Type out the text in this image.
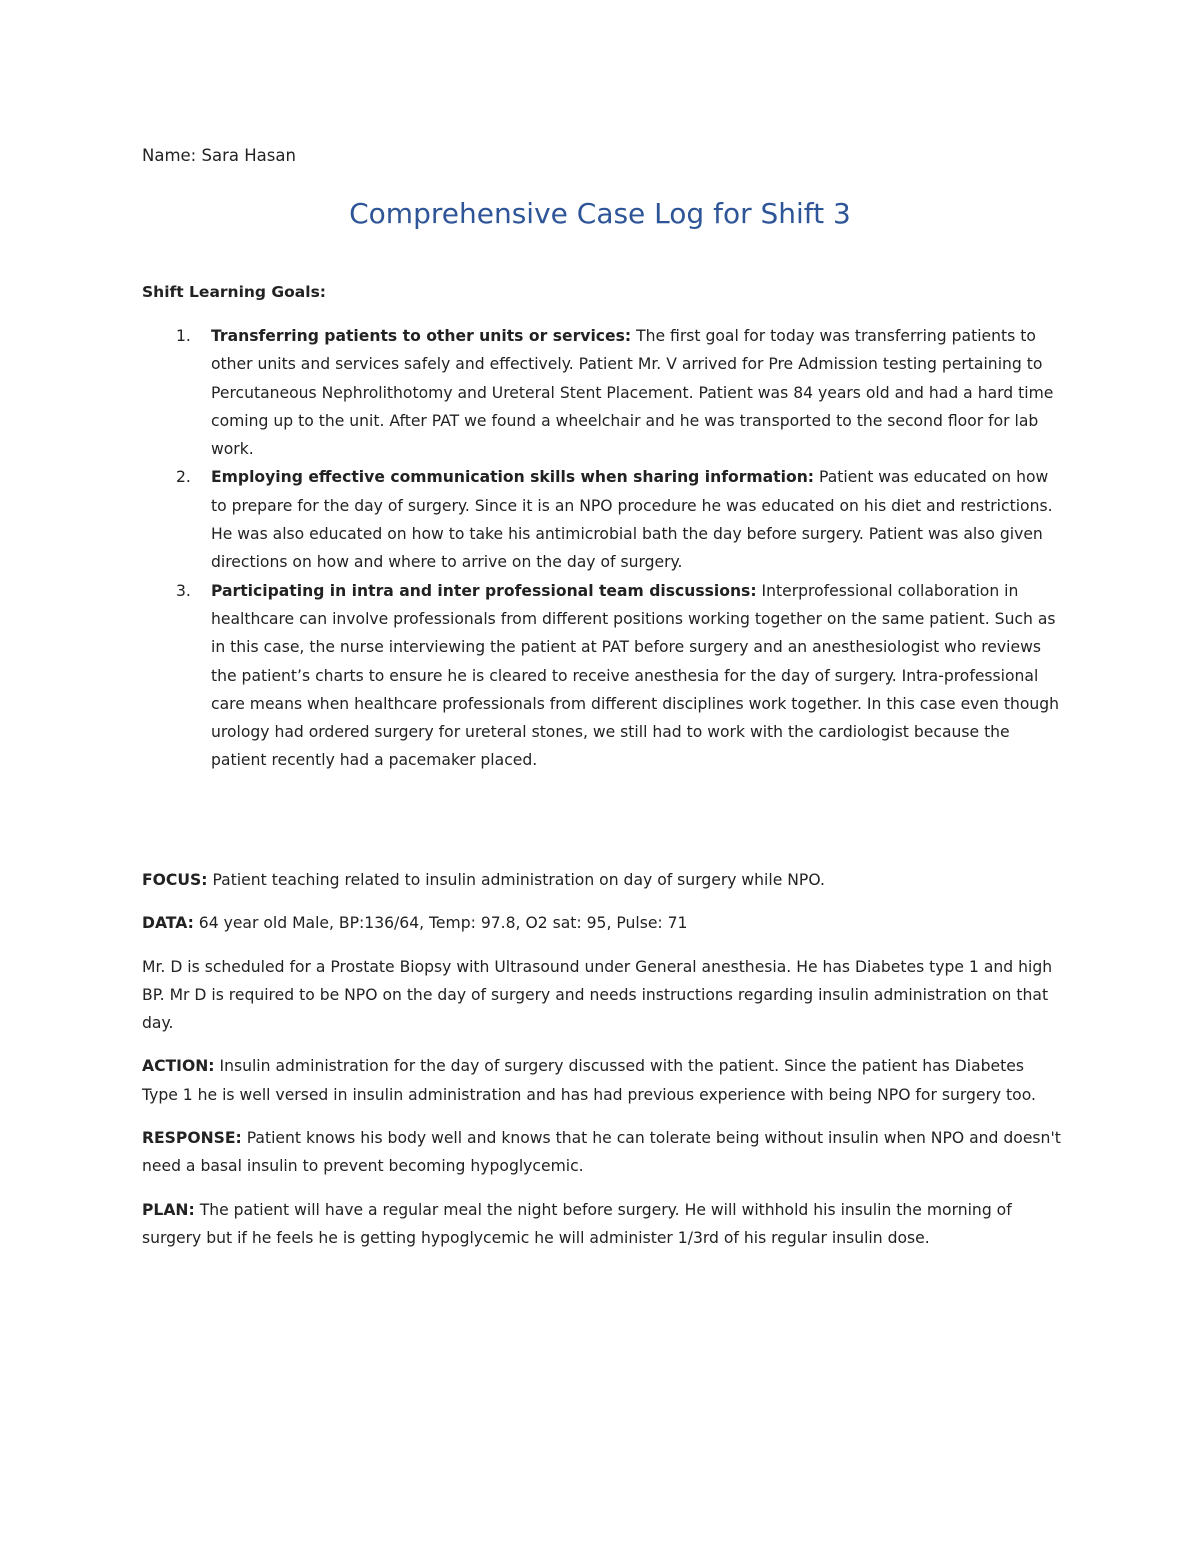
Name: Sara Hasan
Comprehensive Case Log for Shift 3
Shift Learning Goals:
1. Transferring patients to other units or services: The first goal for today was transferring patients to other units and services safely and effectively. Patient Mr. V arrived for Pre Admission testing pertaining to Percutaneous Nephrolithotomy and Ureteral Stent Placement. Patient was 84 years old and had a hard time coming up to the unit. After PAT we found a wheelchair and he was transported to the second floor for lab work.
2. Employing effective communication skills when sharing information: Patient was educated on how to prepare for the day of surgery. Since it is an NPO procedure he was educated on his diet and restrictions. He was also educated on how to take his antimicrobial bath the day before surgery. Patient was also given directions on how and where to arrive on the day of surgery.
3. Participating in intra and inter professional team discussions: Interprofessional collaboration in healthcare can involve professionals from different positions working together on the same patient. Such as in this case, the nurse interviewing the patient at PAT before surgery and an anesthesiologist who reviews the patient’s charts to ensure he is cleared to receive anesthesia for the day of surgery. Intra-professional care means when healthcare professionals from different disciplines work together. In this case even though urology had ordered surgery for ureteral stones, we still had to work with the cardiologist because the patient recently had a pacemaker placed.

FOCUS: Patient teaching related to insulin administration on day of surgery while NPO.

DATA: 64 year old Male, BP:136/64, Temp: 97.8, O2 sat: 95, Pulse: 71

Mr. D is scheduled for a Prostate Biopsy with Ultrasound under General anesthesia. He has Diabetes type 1 and high BP. Mr D is required to be NPO on the day of surgery and needs instructions regarding insulin administration on that day.

ACTION: Insulin administration for the day of surgery discussed with the patient. Since the patient has Diabetes Type 1 he is well versed in insulin administration and has had previous experience with being NPO for surgery too.

RESPONSE: Patient knows his body well and knows that he can tolerate being without insulin when NPO and doesn't need a basal insulin to prevent becoming hypoglycemic.

PLAN: The patient will have a regular meal the night before surgery. He will withhold his insulin the morning of surgery but if he feels he is getting hypoglycemic he will administer 1/3rd of his regular insulin dose.
